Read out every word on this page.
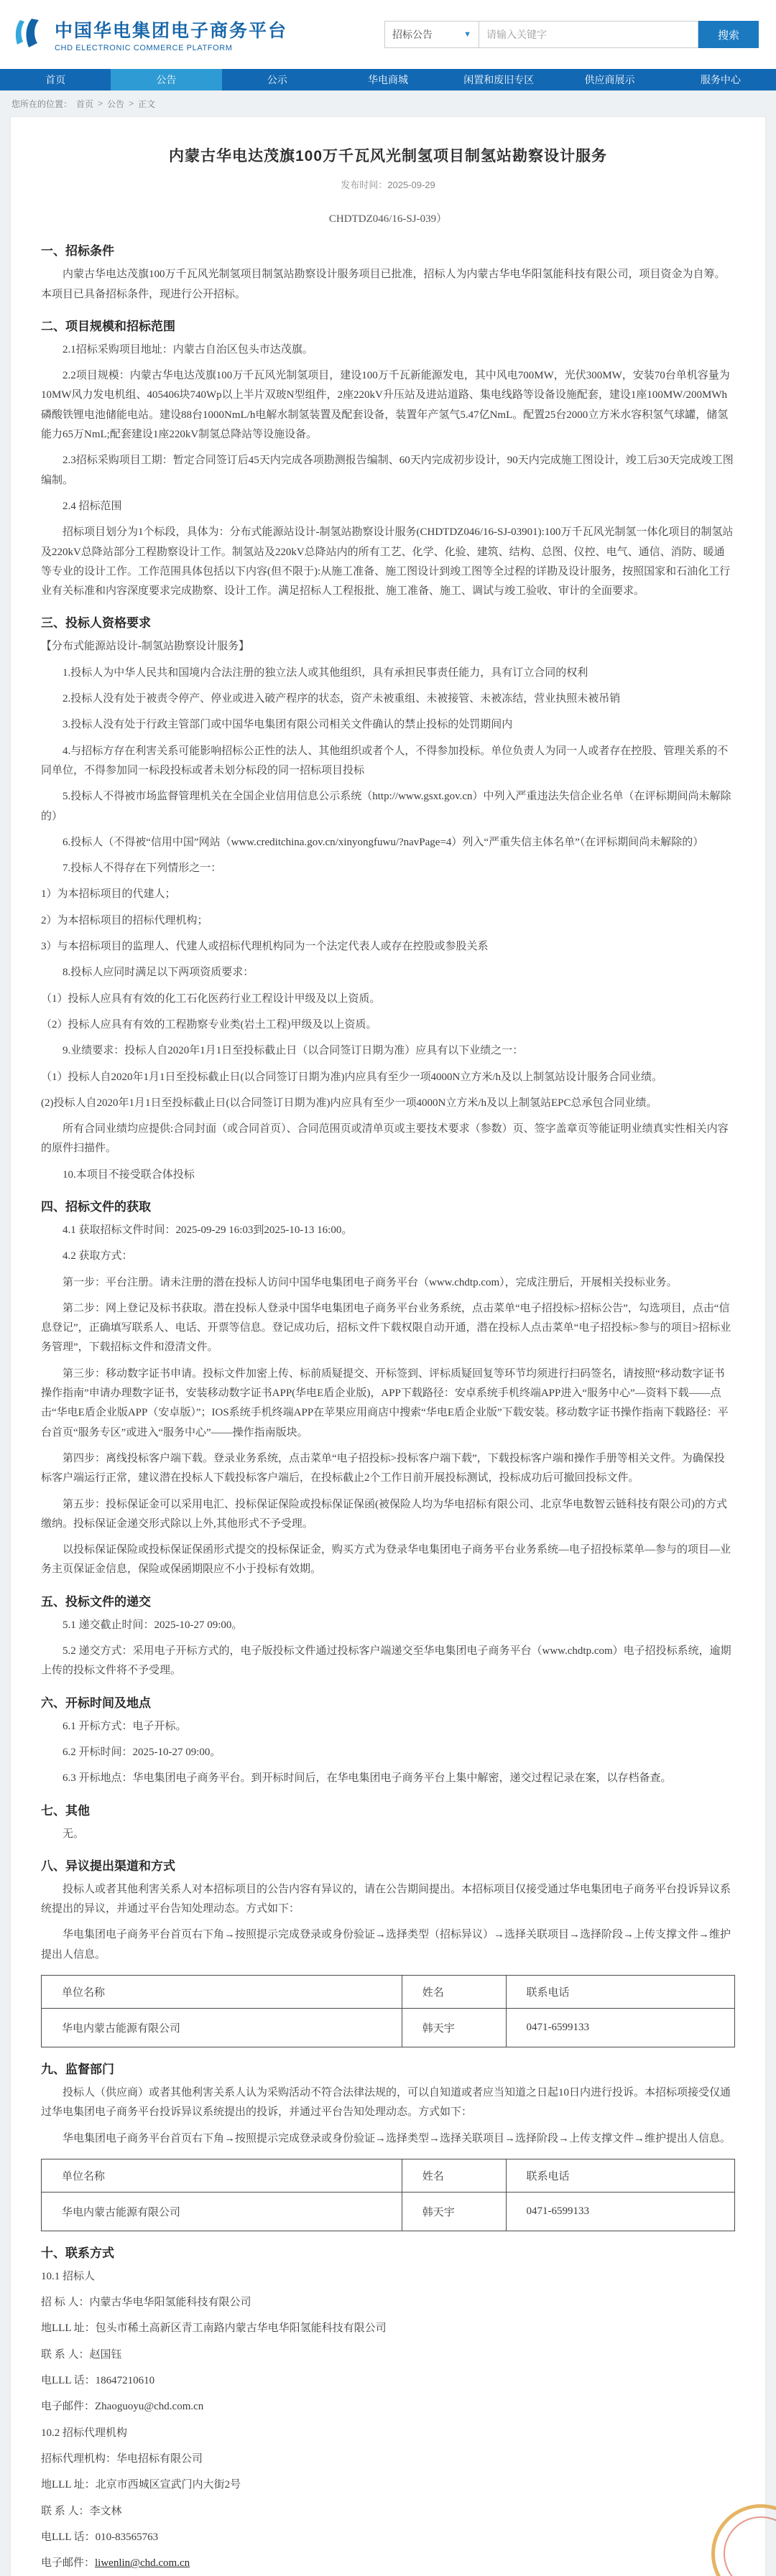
中国华电集团电子商务平台
CHD ELECTRONIC COMMERCE PLATFORM
招标公告	▼
请输入关键字	搜索
首页	公告	公示	华电商城	闲置和废旧专区	供应商展示	服务中心
您所在的位置： 首页 > 公告 > 正文
内蒙古华电达茂旗100万千瓦风光制氢项目制氢站勘察设计服务
发布时间：2025-09-29

CHDTDZ046/16-SJ-039）

一、招标条件

内蒙古华电达茂旗100万千瓦风光制氢项目制氢站勘察设计服务项目已批准，招标人为内蒙古华电华阳氢能科技有限公司，项目资金为自筹。本项目已具备招标条件，现进行公开招标。

二、项目规模和招标范围

2.1招标采购项目地址：内蒙古自治区包头市达茂旗。

2.2项目规模：内蒙古华电达茂旗100万千瓦风光制氢项目，建设100万千瓦新能源发电，其中风电700MW，光伏300MW，安装70台单机容量为10MW风力发电机组、405406块740Wp以上半片双玻N型组件，2座220kV升压站及进站道路、集电线路等设备设施配套，建设1座100MW/200MWh磷酸铁锂电池储能电站。建设88台1000NmL/h电解水制氢装置及配套设备，装置年产氢气5.47亿NmL。配置25台2000立方米水容积氢气球罐，储氢能力65万NmL;配套建设1座220kV制氢总降站等设施设备。

2.3招标采购项目工期：暂定合同签订后45天内完成各项勘测报告编制、60天内完成初步设计，90天内完成施工图设计，竣工后30天完成竣工图编制。

2.4 招标范围

招标项目划分为1个标段，具体为：分布式能源站设计-制氢站勘察设计服务(CHDTDZ046/16-SJ-03901):100万千瓦风光制氢一体化项目的制氢站及220kV总降站部分工程勘察设计工作。制氢站及220kV总降站内的所有工艺、化学、化验、建筑、结构、总图、仪控、电气、通信、消防、暖通等专业的设计工作。工作范围具体包括以下内容(但不限于):从施工准备、施工图设计到竣工图等全过程的详勘及设计服务，按照国家和石油化工行业有关标准和内容深度要求完成勘察、设计工作。满足招标人工程报批、施工准备、施工、调试与竣工验收、审计的全面要求。

三、投标人资格要求

【分布式能源站设计-制氢站勘察设计服务】

1.投标人为中华人民共和国境内合法注册的独立法人或其他组织，具有承担民事责任能力，具有订立合同的权利

2.投标人没有处于被责令停产、停业或进入破产程序的状态，资产未被重组、未被接管、未被冻结，营业执照未被吊销

3.投标人没有处于行政主管部门或中国华电集团有限公司相关文件确认的禁止投标的处罚期间内

4.与招标方存在利害关系可能影响招标公正性的法人、其他组织或者个人，不得参加投标。单位负责人为同一人或者存在控股、管理关系的不同单位，不得参加同一标段投标或者未划分标段的同一招标项目投标

5.投标人不得被市场监督管理机关在全国企业信用信息公示系统（http://www.gsxt.gov.cn）中列入严重违法失信企业名单（在评标期间尚未解除的）

6.投标人（不得被“信用中国”网站（www.creditchina.gov.cn/xinyongfuwu/?navPage=4）列入“严重失信主体名单”（在评标期间尚未解除的）

7.投标人不得存在下列情形之一：

1）为本招标项目的代建人；

2）为本招标项目的招标代理机构；

3）与本招标项目的监理人、代建人或招标代理机构同为一个法定代表人或存在控股或参股关系

8.投标人应同时满足以下两项资质要求：

（1）投标人应具有有效的化工石化医药行业工程设计甲级及以上资质。

（2）投标人应具有有效的工程勘察专业类(岩土工程)甲级及以上资质。

9.业绩要求：投标人自2020年1月1日至投标截止日（以合同签订日期为准）应具有以下业绩之一：

（1）投标人自2020年1月1日至投标截止日(以合同签订日期为准)内应具有至少一项4000N立方米/h及以上制氢站设计服务合同业绩。

(2)投标人自2020年1月1日至投标截止日(以合同签订日期为准)内应具有至少一项4000N立方米/h及以上制氢站EPC总承包合同业绩。

所有合同业绩均应提供:合同封面（或合同首页）、合同范围页或清单页或主要技术要求（参数）页、签字盖章页等能证明业绩真实性相关内容的原件扫描件。

10.本项目不接受联合体投标

四、招标文件的获取

4.1 获取招标文件时间：2025-09-29 16:03到2025-10-13 16:00。

4.2 获取方式：

第一步：平台注册。请未注册的潜在投标人访问中国华电集团电子商务平台（www.chdtp.com），完成注册后，开展相关投标业务。

第二步：网上登记及标书获取。潜在投标人登录中国华电集团电子商务平台业务系统，点击菜单“电子招投标>招标公告”，勾选项目，点击“信息登记”，正确填写联系人、电话、开票等信息。登记成功后，招标文件下载权限自动开通，潜在投标人点击菜单“电子招投标>参与的项目>招标业务管理”，下载招标文件和澄清文件。

第三步：移动数字证书申请。投标文件加密上传、标前质疑提交、开标签到、评标质疑回复等环节均须进行扫码签名，请按照“移动数字证书操作指南”申请办理数字证书，安装移动数字证书APP(华电E盾企业版)，APP下载路径：安卓系统手机终端APP进入“服务中心”—资料下载——点击“华电E盾企业版APP（安卓版）”；IOS系统手机终端APP在苹果应用商店中搜索“华电E盾企业版”下载安装。移动数字证书操作指南下载路径：平台首页“服务专区”或进入“服务中心”——操作指南版块。

第四步：离线投标客户端下载。登录业务系统，点击菜单“电子招投标>投标客户端下载”，下载投标客户端和操作手册等相关文件。为确保投标客户端运行正常，建议潜在投标人下载投标客户端后，在投标截止2个工作日前开展投标测试，投标成功后可撤回投标文件。

第五步：投标保证金可以采用电汇、投标保证保险或投标保证保函(被保险人均为华电招标有限公司、北京华电数智云链科技有限公司)的方式缴纳。投标保证金递交形式除以上外,其他形式不予受理。

以投标保证保险或投标保证保函形式提交的投标保证金，购买方式为登录华电集团电子商务平台业务系统—电子招投标菜单—参与的项目—业务主页保证金信息，保险或保函期限应不小于投标有效期。

五、投标文件的递交

5.1 递交截止时间：2025-10-27 09:00。

5.2 递交方式：采用电子开标方式的，电子版投标文件通过投标客户端递交至华电集团电子商务平台（www.chdtp.com）电子招投标系统，逾期上传的投标文件将不予受理。

六、开标时间及地点

6.1 开标方式：电子开标。

6.2 开标时间：2025-10-27 09:00。

6.3 开标地点：华电集团电子商务平台。到开标时间后，在华电集团电子商务平台上集中解密，递交过程记录在案，以存档备查。

七、其他

无。

八、异议提出渠道和方式

投标人或者其他利害关系人对本招标项目的公告内容有异议的，请在公告期间提出。本招标项目仅接受通过华电集团电子商务平台投诉异议系统提出的异议，并通过平台告知处理动态。方式如下：

华电集团电子商务平台首页右下角→按照提示完成登录或身份验证→选择类型（招标异议）→选择关联项目→选择阶段→上传支撑文件→维护提出人信息。

单位名称	姓名	联系电话
华电内蒙古能源有限公司	韩天宇	0471-6599133
九、监督部门

投标人（供应商）或者其他利害关系人认为采购活动不符合法律法规的，可以自知道或者应当知道之日起10日内进行投诉。本招标项接受仅通过华电集团电子商务平台投诉异议系统提出的投诉，并通过平台告知处理动态。方式如下：

华电集团电子商务平台首页右下角→按照提示完成登录或身份验证→选择类型→选择关联项目→选择阶段→上传支撑文件→维护提出人信息。

单位名称	姓名	联系电话
华电内蒙古能源有限公司	韩天宇	0471-6599133
十、联系方式

10.1 招标人

招 标 人：内蒙古华电华阳氢能科技有限公司

地LLL 址：包头市稀土高新区青工南路内蒙古华电华阳氢能科技有限公司

联 系 人：赵国钰

电LLL 话：18647210610

电子邮件：Zhaoguoyu@chd.com.cn

10.2 招标代理机构

招标代理机构：华电招标有限公司

地LLL 址：北京市西城区宣武门内大街2号

联 系 人：李文林

电LLL 话：010-83565763

电子邮件：liwenlin@chd.com.cn
